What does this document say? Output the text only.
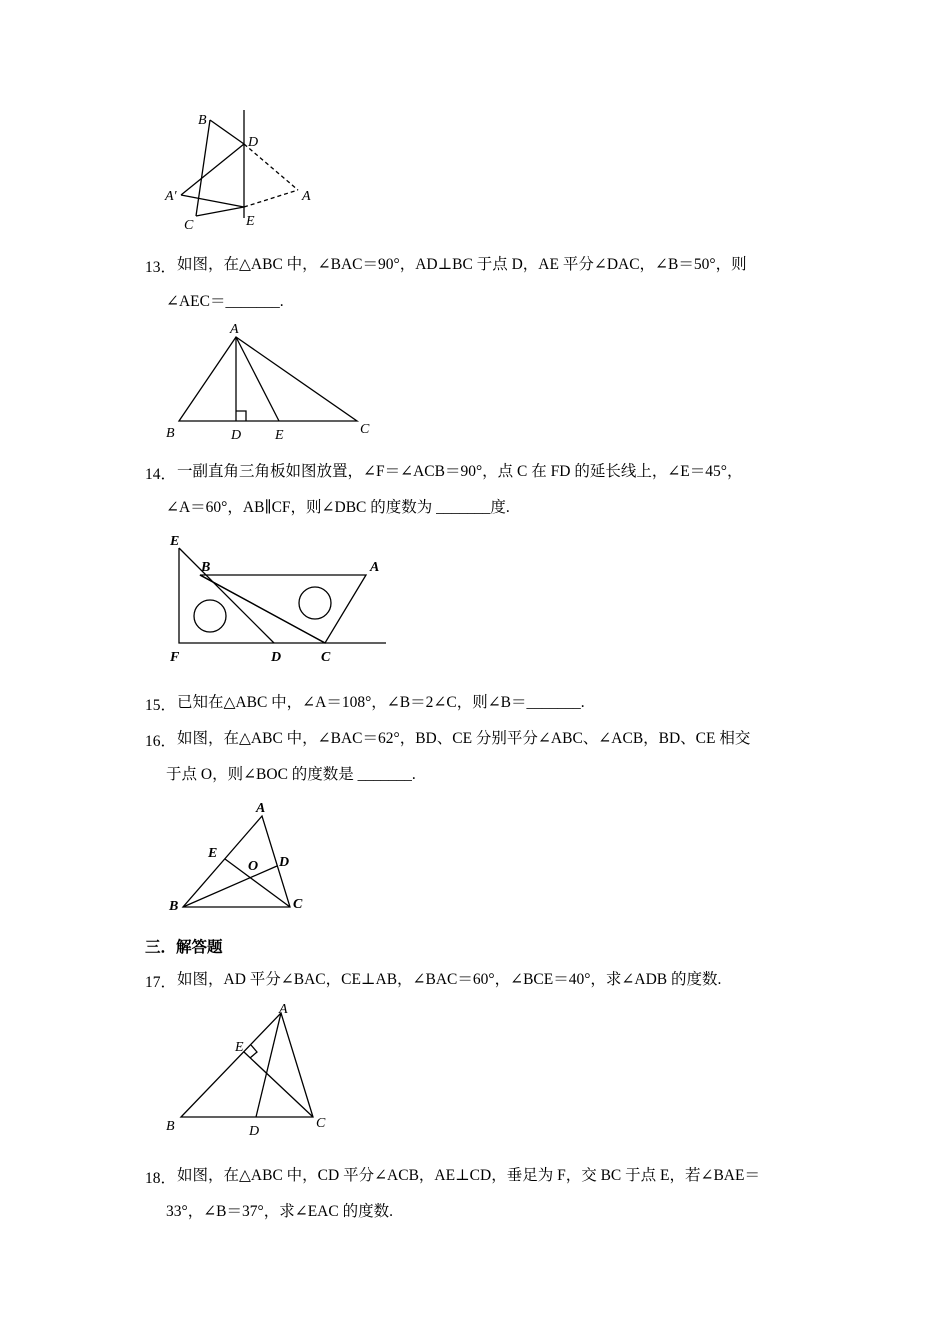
B
D
A′	A
C	E
13． 如图，在△ABC 中，∠BAC＝90°，AD⊥BC 于点 D，AE 平分∠DAC，∠B＝50°，则
∠AEC＝_______.
A
B	D E	C
14． 一副直角三角板如图放置，∠F＝∠ACB＝90°，点 C 在 FD 的延长线上，∠E＝45°，
∠A＝60°，AB∥CF，则∠DBC 的度数为 _______度.
E
B	A
F	D	C
15． 已知在△ABC 中，∠A＝108°，∠B＝2∠C，则∠B＝_______.
16． 如图，在△ABC 中，∠BAC＝62°，BD、CE 分别平分∠ABC、∠ACB，BD、CE 相交
于点 O，则∠BOC 的度数是 _______.
A
E
O D
B	C
三．解答题
17． 如图，AD 平分∠BAC，CE⊥AB，∠BAC＝60°，∠BCE＝40°，求∠ADB 的度数.
A
E
B	D
C
18． 如图，在△ABC 中，CD 平分∠ACB，AE⊥CD，垂足为 F，交 BC 于点 E，若∠BAE＝
33°，∠B＝37°，求∠EAC 的度数.
